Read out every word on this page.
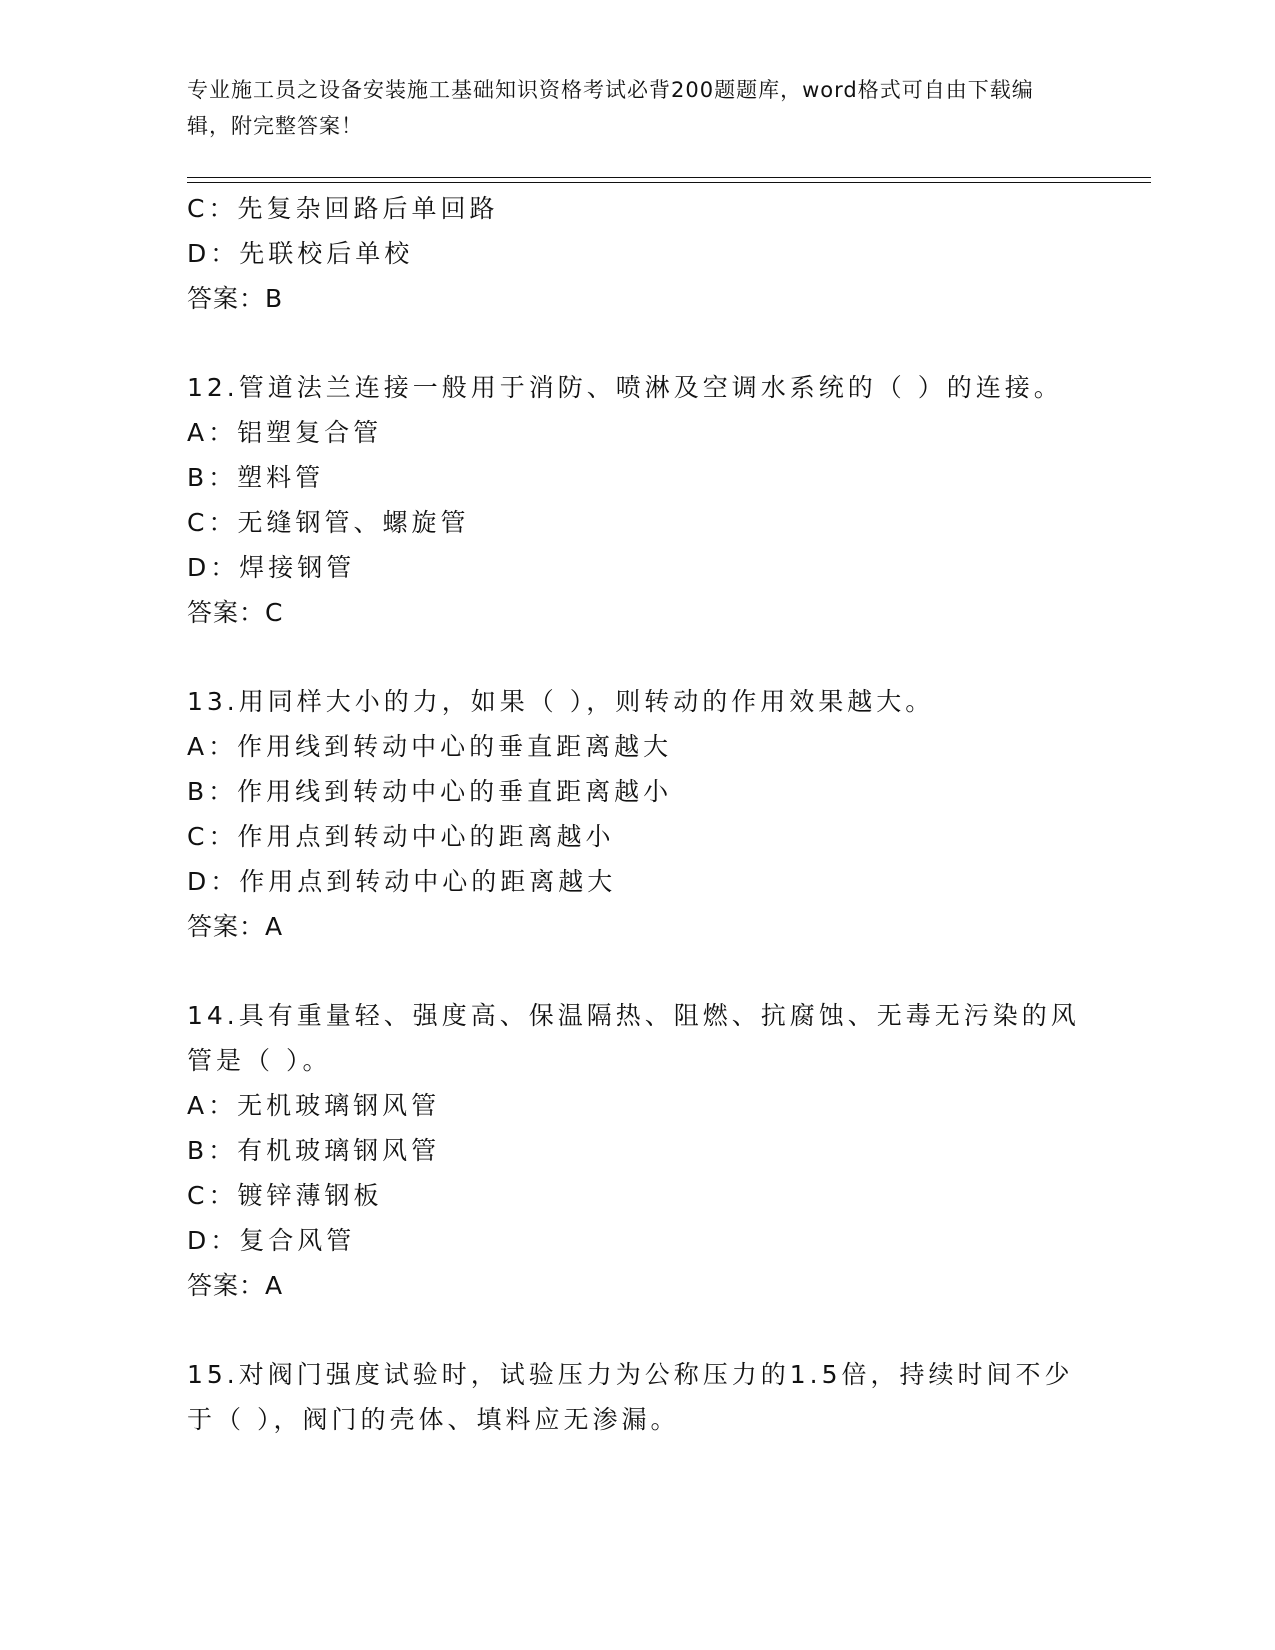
专业施工员之设备安装施工基础知识资格考试必背200题题库，word格式可自由下载编辑，附完整答案！
C：先复杂回路后单回路
D：先联校后单校
答案：B
12.管道法兰连接一般用于消防、喷淋及空调水系统的（ ）的连接。
A：铝塑复合管
B：塑料管
C：无缝钢管、螺旋管
D：焊接钢管
答案：C
13.用同样大小的力，如果（ ），则转动的作用效果越大。
A：作用线到转动中心的垂直距离越大
B：作用线到转动中心的垂直距离越小
C：作用点到转动中心的距离越小
D：作用点到转动中心的距离越大
答案：A
14.具有重量轻、强度高、保温隔热、阻燃、抗腐蚀、无毒无污染的风
管是（ ）。
A：无机玻璃钢风管
B：有机玻璃钢风管
C：镀锌薄钢板
D：复合风管
答案：A
15.对阀门强度试验时，试验压力为公称压力的1.5倍，持续时间不少
于（ ），阀门的壳体、填料应无渗漏。
